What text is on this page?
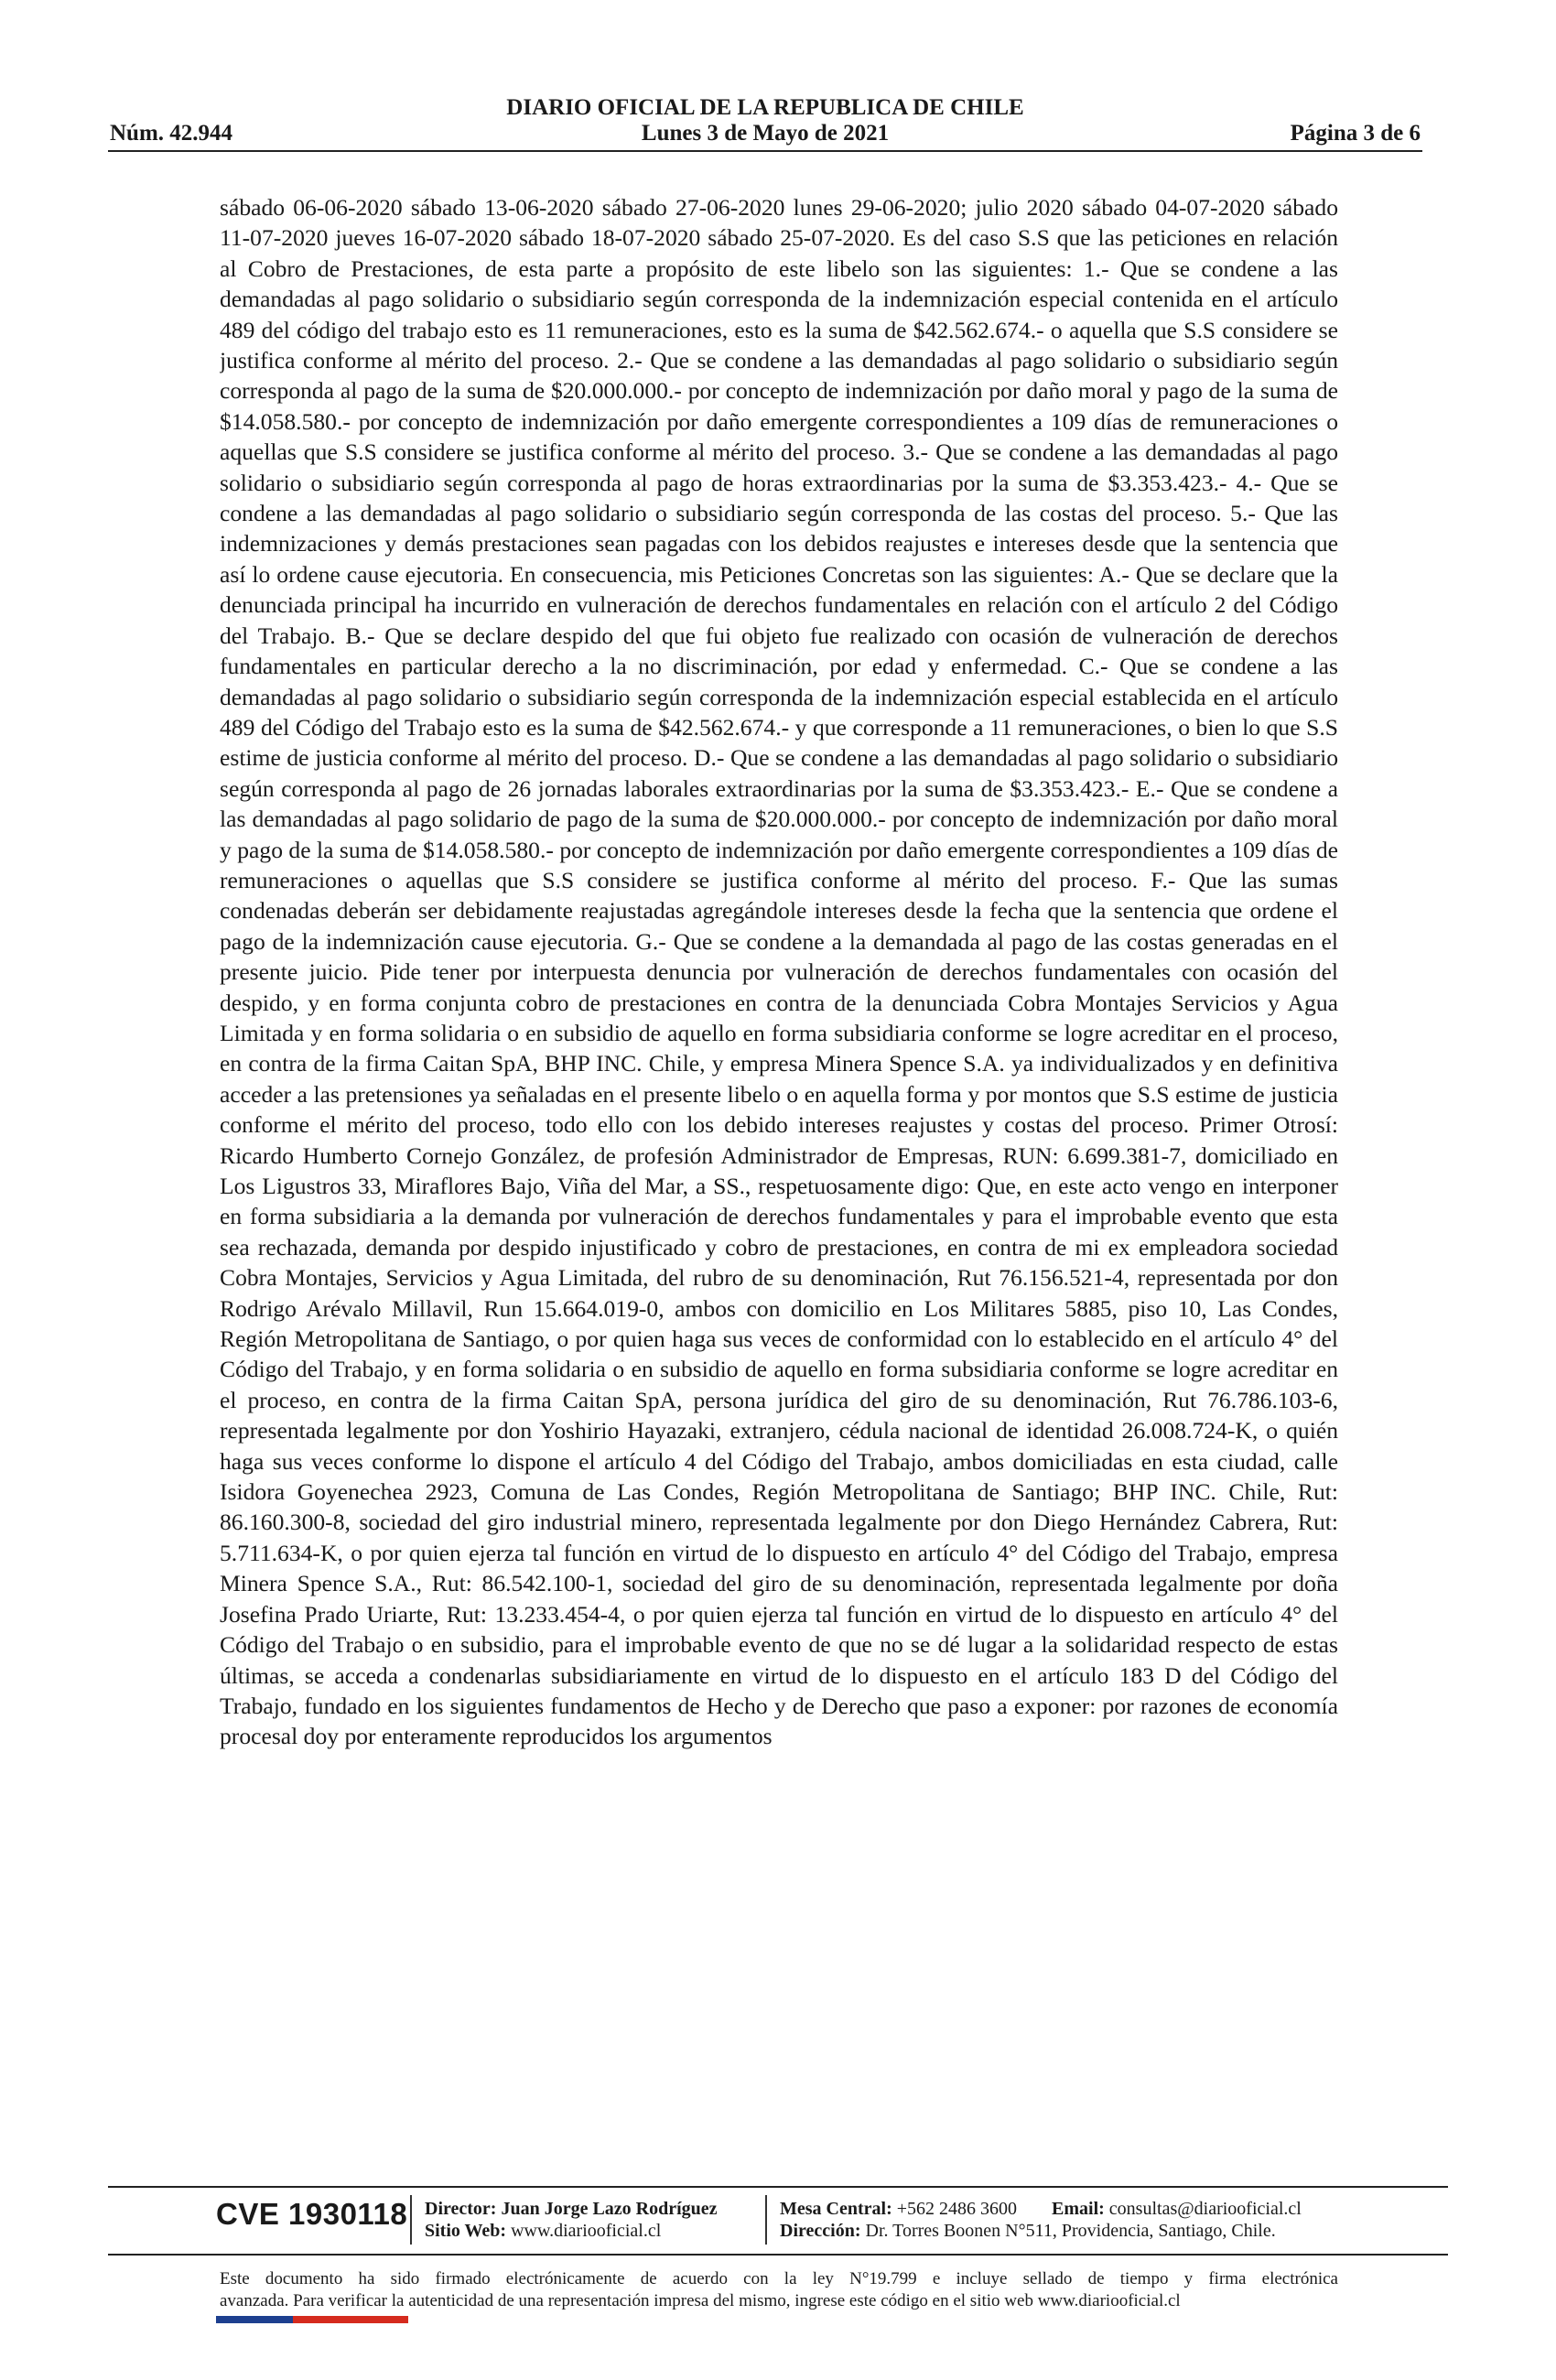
DIARIO OFICIAL DE LA REPUBLICA DE CHILE
Núm. 42.944	Lunes 3 de Mayo de 2021	Página 3 de 6
sábado 06-06-2020 sábado 13-06-2020 sábado 27-06-2020 lunes 29-06-2020; julio 2020 sábado 04-07-2020 sábado 11-07-2020 jueves 16-07-2020 sábado 18-07-2020 sábado 25-07-2020. Es del caso S.S que las peticiones en relación al Cobro de Prestaciones, de esta parte a propósito de este libelo son las siguientes: 1.- Que se condene a las demandadas al pago solidario o subsidiario según corresponda de la indemnización especial contenida en el artículo 489 del código del trabajo esto es 11 remuneraciones, esto es la suma de $42.562.674.- o aquella que S.S considere se justifica conforme al mérito del proceso. 2.- Que se condene a las demandadas al pago solidario o subsidiario según corresponda al pago de la suma de $20.000.000.- por concepto de indemnización por daño moral y pago de la suma de $14.058.580.- por concepto de indemnización por daño emergente correspondientes a 109 días de remuneraciones o aquellas que S.S considere se justifica conforme al mérito del proceso. 3.- Que se condene a las demandadas al pago solidario o subsidiario según corresponda al pago de horas extraordinarias por la suma de $3.353.423.- 4.- Que se condene a las demandadas al pago solidario o subsidiario según corresponda de las costas del proceso. 5.- Que las indemnizaciones y demás prestaciones sean pagadas con los debidos reajustes e intereses desde que la sentencia que así lo ordene cause ejecutoria. En consecuencia, mis Peticiones Concretas son las siguientes: A.- Que se declare que la denunciada principal ha incurrido en vulneración de derechos fundamentales en relación con el artículo 2 del Código del Trabajo. B.- Que se declare despido del que fui objeto fue realizado con ocasión de vulneración de derechos fundamentales en particular derecho a la no discriminación, por edad y enfermedad. C.- Que se condene a las demandadas al pago solidario o subsidiario según corresponda de la indemnización especial establecida en el artículo 489 del Código del Trabajo esto es la suma de $42.562.674.- y que corresponde a 11 remuneraciones, o bien lo que S.S estime de justicia conforme al mérito del proceso. D.- Que se condene a las demandadas al pago solidario o subsidiario según corresponda al pago de 26 jornadas laborales extraordinarias por la suma de $3.353.423.- E.- Que se condene a las demandadas al pago solidario de pago de la suma de $20.000.000.- por concepto de indemnización por daño moral y pago de la suma de $14.058.580.- por concepto de indemnización por daño emergente correspondientes a 109 días de remuneraciones o aquellas que S.S considere se justifica conforme al mérito del proceso. F.- Que las sumas condenadas deberán ser debidamente reajustadas agregándole intereses desde la fecha que la sentencia que ordene el pago de la indemnización cause ejecutoria. G.- Que se condene a la demandada al pago de las costas generadas en el presente juicio. Pide tener por interpuesta denuncia por vulneración de derechos fundamentales con ocasión del despido, y en forma conjunta cobro de prestaciones en contra de la denunciada Cobra Montajes Servicios y Agua Limitada y en forma solidaria o en subsidio de aquello en forma subsidiaria conforme se logre acreditar en el proceso, en contra de la firma Caitan SpA, BHP INC. Chile, y empresa Minera Spence S.A. ya individualizados y en definitiva acceder a las pretensiones ya señaladas en el presente libelo o en aquella forma y por montos que S.S estime de justicia conforme el mérito del proceso, todo ello con los debido intereses reajustes y costas del proceso. Primer Otrosí: Ricardo Humberto Cornejo González, de profesión Administrador de Empresas, RUN: 6.699.381-7, domiciliado en Los Ligustros 33, Miraflores Bajo, Viña del Mar, a SS., respetuosamente digo: Que, en este acto vengo en interponer en forma subsidiaria a la demanda por vulneración de derechos fundamentales y para el improbable evento que esta sea rechazada, demanda por despido injustificado y cobro de prestaciones, en contra de mi ex empleadora sociedad Cobra Montajes, Servicios y Agua Limitada, del rubro de su denominación, Rut 76.156.521-4, representada por don Rodrigo Arévalo Millavil, Run 15.664.019-0, ambos con domicilio en Los Militares 5885, piso 10, Las Condes, Región Metropolitana de Santiago, o por quien haga sus veces de conformidad con lo establecido en el artículo 4° del Código del Trabajo, y en forma solidaria o en subsidio de aquello en forma subsidiaria conforme se logre acreditar en el proceso, en contra de la firma Caitan SpA, persona jurídica del giro de su denominación, Rut 76.786.103-6, representada legalmente por don Yoshirio Hayazaki, extranjero, cédula nacional de identidad 26.008.724-K, o quién haga sus veces conforme lo dispone el artículo 4 del Código del Trabajo, ambos domiciliadas en esta ciudad, calle Isidora Goyenechea 2923, Comuna de Las Condes, Región Metropolitana de Santiago; BHP INC. Chile, Rut: 86.160.300-8, sociedad del giro industrial minero, representada legalmente por don Diego Hernández Cabrera, Rut: 5.711.634-K, o por quien ejerza tal función en virtud de lo dispuesto en artículo 4° del Código del Trabajo, empresa Minera Spence S.A., Rut: 86.542.100-1, sociedad del giro de su denominación, representada legalmente por doña Josefina Prado Uriarte, Rut: 13.233.454-4, o por quien ejerza tal función en virtud de lo dispuesto en artículo 4° del Código del Trabajo o en subsidio, para el improbable evento de que no se dé lugar a la solidaridad respecto de estas últimas, se acceda a condenarlas subsidiariamente en virtud de lo dispuesto en el artículo 183 D del Código del Trabajo, fundado en los siguientes fundamentos de Hecho y de Derecho que paso a exponer: por razones de economía procesal doy por enteramente reproducidos los argumentos
CVE 1930118 Director: Juan Jorge Lazo Rodríguez
Sitio Web: www.diariooficial.cl
Mesa Central: +562 2486 3600 Email: consultas@diariooficial.cl
Dirección: Dr. Torres Boonen N°511, Providencia, Santiago, Chile.
Este documento ha sido firmado electrónicamente de acuerdo con la ley N°19.799 e incluye sellado de tiempo y firma electrónica
avanzada. Para verificar la autenticidad de una representación impresa del mismo, ingrese este código en el sitio web www.diariooficial.cl
